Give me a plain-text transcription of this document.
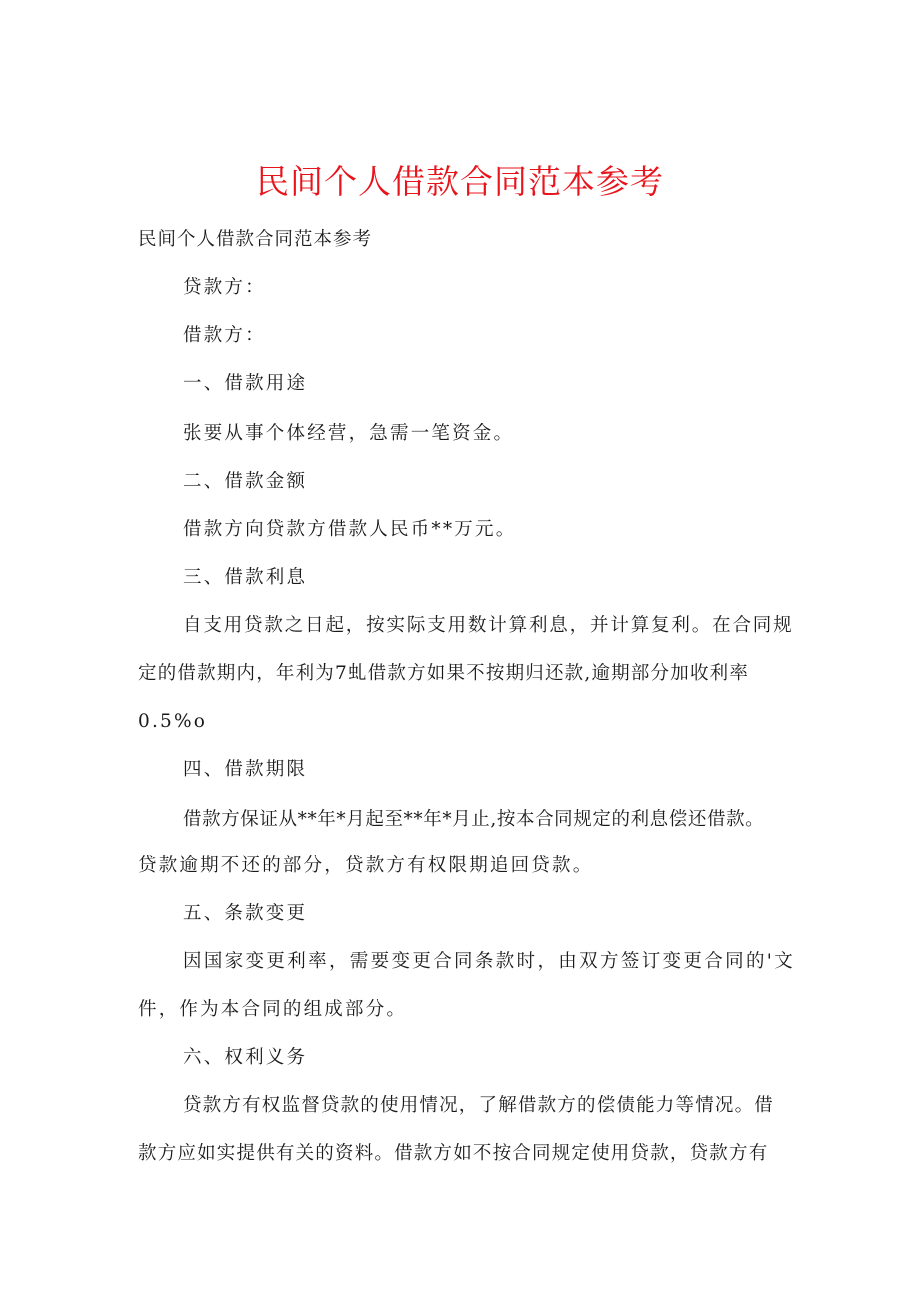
民间个人借款合同范本参考
民间个人借款合同范本参考
贷款方：
借款方：
一、借款用途
张要从事个体经营，急需一笔资金。
二、借款金额
借款方向贷款方借款人民币**万元。
三、借款利息
自支用贷款之日起，按实际支用数计算利息，并计算复利。在合同规
定的借款期内，年利为7虬借款方如果不按期归还款,逾期部分加收利率
0.5%o
四、借款期限
借款方保证从**年*月起至**年*月止,按本合同规定的利息偿还借款。
贷款逾期不还的部分，贷款方有权限期追回贷款。
五、条款变更
因国家变更利率，需要变更合同条款时，由双方签订变更合同的'文
件，作为本合同的组成部分。
六、权利义务
贷款方有权监督贷款的使用情况，了解借款方的偿债能力等情况。借
款方应如实提供有关的资料。借款方如不按合同规定使用贷款，贷款方有
